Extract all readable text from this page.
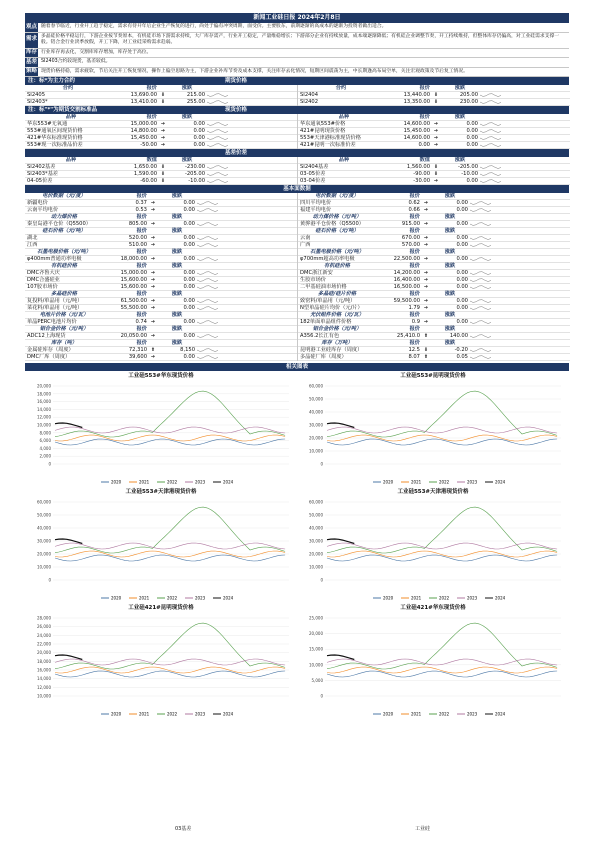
新闻工业硅日报 2024年2月8日
观点 随着春节临近，行业开工趋于稳定，需求有待开年后企业生产恢复的进行，尚处于偏有冲突周期，面受价。主要股东，前期逐渐的高成本的逐渐为投资者做出适合。
需求
多晶硅价格平稳运行，下游企业按节奏原本，有机硅市场下游需求持续，大厂库存需产，行业开工稳定，产量维稳增长；下游部分企业有持续放量，成本端逐渐降低；有机硅企业调整节奏，开工持续维持，但整体库存仍偏高，对工业硅需求支撑一般。铝合金行业淡季放假，开工下降，对工业硅采购需求趋弱。
库存 行业库存再去化，交割库库存增加，库存处于高位。
基差 SI2403合约较现货，基差较低。
策略 现货价格持稳，需求疲软，节后关注开工恢复情况，操作上偏空思路为主，下游企业补库节奏及成本支撑，关注库存去化情况，短期区间震荡为主，中长期逢高布局空单，关注宏观政策及节后复工情况。
注：标*为主力合约	期货价格
合约	报价	涨跌
SI2405	13,690.00 ⬇	215.00
SI2403*	13,410.00 ⬇	255.00
合约	报价	涨跌
SI2404	13,440.00 ⬇	205.00
SI2402	13,350.00 ⬇	230.00
注：标"*"为期货交割标准品	现货价格
品种	报价	涨跌
华东553#无氧通	15,000.00 ➔	0.00
553#通氧区间现货价格	14,800.00 ➔	0.00
421#华东标准现货价格	15,450.00 ➔	0.00
553#现一次标准品价差	-50.00 ➔	0.00
品种	报价	涨跌
华东通氧553#价格	14,600.00 ➔	0.00
421#昆明现货价格	15,450.00 ➔	0.00
553#天津港标准现货价格	14,600.00 ➔	0.00
421#昆明一次标准价差	0.00 ➔	0.00
基差价差
品种	数值	涨跌
SI2402基差	1,650.00 ⬇	-230.00
SI2403*基差	1,590.00 ⬇	-205.00
04-05价差	-60.00 ⬇	-10.00
品种	数值	涨跌
SI2404基差	1,560.00 ⬇	-205.00
03-05价差	-90.00 ⬇	-10.00
03-04价差	-30.00 ➔	0.00
基本面数据
电价数据（元/度）	报价	涨跌
新疆电价	0.37 ➔	0.00
云南平均电价	0.53 ➔	0.00
电价数据（元/度）	报价	涨跌
四川平均电价	0.62 ➔	0.00
福建平均电价	0.66 ➔	0.00
动力煤价格	报价	涨跌
秦皇岛港平仓价（Q5500）	805.00 ➔	0.00
动力煤价格（元/吨）	报价	涨跌
黄骅港平仓价格（Q5500）	915.00 ➔	0.00
硅石价格（元/吨）	报价	涨跌
湖北	520.00 ➔	0.00
江西	510.00 ➔	0.00
硅石价格（元/吨）	报价	涨跌
云南	670.00 ➔	0.00
广西	570.00 ➔	0.00
石墨电极价格（元/吨）	报价	涨跌
φ400mm普通功率电极	18,000.00 ➔	0.00
石墨电极价格（元/吨）	报价	涨跌
φ700mm超高功率电极	22,500.00 ➔	0.00
有机硅价格	报价	涨跌
DMC齐鲁大庆	15,000.00 ➔	0.00
DMC合盛硅业	15,600.00 ➔	0.00
107胶市场价	15,600.00 ➔	0.00
有机硅价格	报价	涨跌
DMC浙江新安	14,200.00 ➔	0.00
生胶市场价	16,400.00 ➔	0.00
二甲基硅油市场价格	16,500.00 ➔	0.00
多晶硅价格	报价	涨跌
复投料/单晶用（元/吨）	61,500.00 ➔	0.00
菜花料/单晶用（元/吨）	55,500.00 ➔	0.00
多晶硅/硅片价格	报价	涨跌
致密料/单晶用（元/吨）	59,500.00 ➔	0.00
N型单晶硅片均价（元/片）	1.79 ➔	0.00
电池片价格（元/瓦）	报价	涨跌
单晶PERC电池片均价	0.74 ➔	0.00
光伏组件价格（元/瓦）	报价	涨跌
182单面单晶组件价格	0.9 ➔	0.00
铝合金价格（元/吨）	报价	涨跌
ADC12上海现货	20,050.00 ➔	0.00
铝合金价格（元/吨）	报价	涨跌
A356.2长江有色	25,410.0 ⬆	140.00
库存（吨）	报价	涨跌
金属硅库存（周度）	72,310 ⬆	8,150
DMC厂库（周度）	39,600 ➔	0.00
库存（万吨）	报价	涨跌
昆明港工业硅库存（周度）	12.5 ⬇	-0.20
多晶硅厂库（周度）	8.07 ⬆	0.05
相关图表
工业硅553#华东现货价格
20,000
18,000
16,000
14,000
12,000
10,000
8,000
6,000
4,000
2,000
0
2020	2021	2022	2023	2024
工业硅553#昆明现货价格
60,000
50,000
40,000
30,000
20,000
10,000
0
2020	2021	2022	2023	2024
工业硅553#天津港现货价格
60,000
50,000
40,000
30,000
20,000
10,000
0
2020	2021	2022	2023	2024
工业硅553#天津港现货价格
60,000
50,000
40,000
30,000
20,000
10,000
0
2020	2021	2022	2023	2024
工业硅421#昆明现货价格
28,000
26,000
24,000
22,000
20,000
18,000
16,000
14,000
12,000
10,000
2020	2021	2022	2023	2024
工业硅421#华东现货价格
25,000
20,000
15,000
10,000
5,000
0
2020	2021	2022	2023	2024
03基差	工业硅
